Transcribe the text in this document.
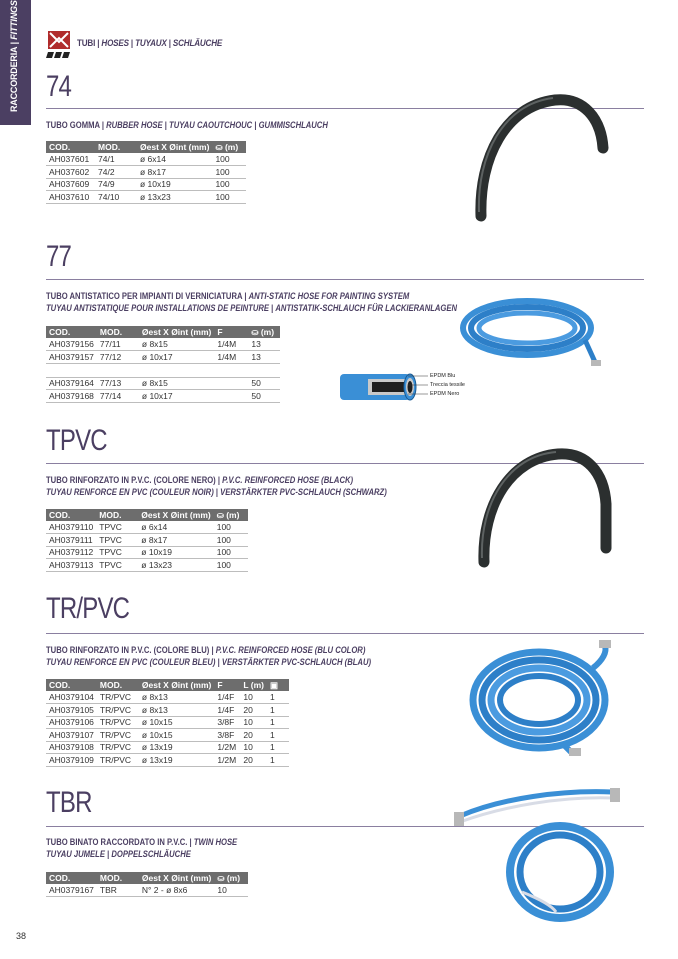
RACCORDERIA | FITTINGS
TUBI | HOSES | TUYAUX | SCHLÄUCHE
74
TUBO GOMMA | RUBBER HOSE | TUYAU CAOUTCHOUC | GUMMISCHLAUCH
COD.	MOD.	Øest X Øint (mm)	⛀ (m)
AH037601	74/1	ø 6x14	100
AH037602	74/2	ø 8x17	100
AH037609	74/9	ø 10x19	100
AH037610	74/10	ø 13x23	100
77
TUBO ANTISTATICO PER IMPIANTI DI VERNICIATURA | ANTI-STATIC HOSE FOR PAINTING SYSTEM
TUYAU ANTISTATIQUE POUR INSTALLATIONS DE PEINTURE | ANTISTATIK-SCHLAUCH FÜR LACKIERANLAGEN
COD.	MOD.	Øest X Øint (mm)	F	⛀ (m)
AH0379156	77/11	ø 8x15	1/4M	13
AH0379157	77/12	ø 10x17	1/4M	13

AH0379164	77/13	ø 8x15		50
AH0379168	77/14	ø 10x17		50
EPDM Blu
Treccia tessile
EPDM Nero
TPVC
TUBO RINFORZATO IN P.V.C. (COLORE NERO) | P.V.C. REINFORCED HOSE (BLACK)
TUYAU RENFORCE EN PVC (COULEUR NOIR) | VERSTÄRKTER PVC-SCHLAUCH (SCHWARZ)
COD.	MOD.	Øest X Øint (mm)	⛀ (m)
AH0379110	TPVC	ø 6x14	100
AH0379111	TPVC	ø 8x17	100
AH0379112	TPVC	ø 10x19	100
AH0379113	TPVC	ø 13x23	100
TR/PVC
TUBO RINFORZATO IN P.V.C. (COLORE BLU) | P.V.C. REINFORCED HOSE (BLU COLOR)
TUYAU RENFORCE EN PVC (COULEUR BLEU) | VERSTÄRKTER PVC-SCHLAUCH (BLAU)
COD.	MOD.	Øest X Øint (mm)	F	L (m)	▣
AH0379104	TR/PVC	ø 8x13	1/4F	10	1
AH0379105	TR/PVC	ø 8x13	1/4F	20	1
AH0379106	TR/PVC	ø 10x15	3/8F	10	1
AH0379107	TR/PVC	ø 10x15	3/8F	20	1
AH0379108	TR/PVC	ø 13x19	1/2M	10	1
AH0379109	TR/PVC	ø 13x19	1/2M	20	1
TBR
TUBO BINATO RACCORDATO IN P.V.C. | TWIN HOSE
TUYAU JUMELE | DOPPELSCHLÄUCHE
COD.	MOD.	Øest X Øint (mm)	⛀ (m)
AH0379167	TBR	N° 2 - ø 8x6	10
38
